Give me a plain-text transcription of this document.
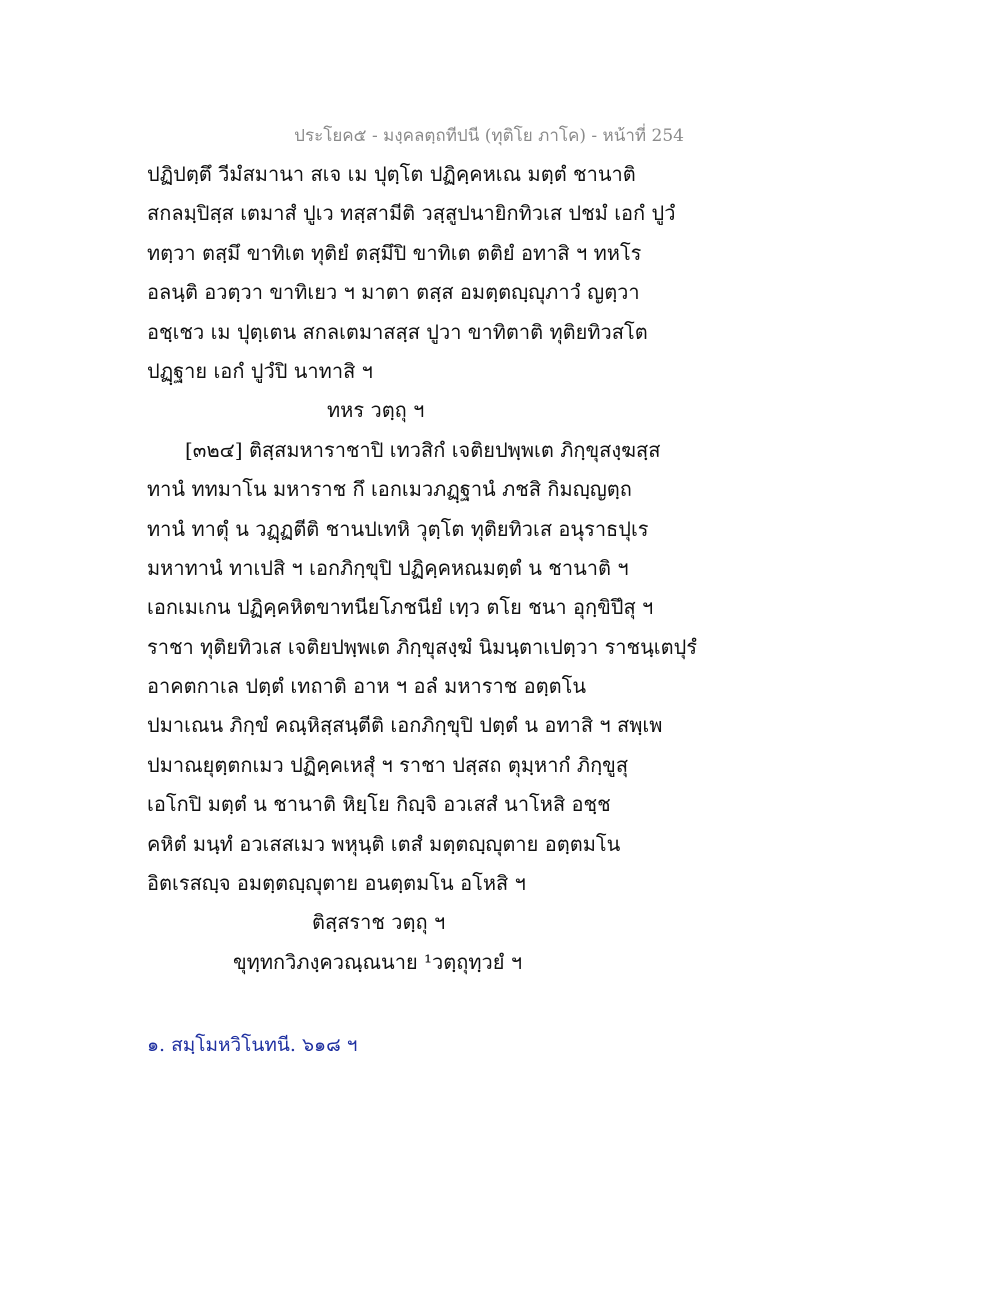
ประโยค๕ - มงฺคลตฺถทีปนี (ทุติโย ภาโค) - หน้าที่ 254
ปฏิปตฺตึ วีมํสมานา สเจ เม ปุตฺโต ปฏิคฺคหเณ มตฺตํ ชานาติ
สกลมฺปิสฺส เตมาสํ ปูเว ทสฺสามีติ วสฺสูปนายิกทิวเส ปชมํ เอกํ ปูวํ
ทตฺวา ตสฺมึ ขาทิเต ทุติยํ ตสฺมึปิ ขาทิเต ตติยํ อทาสิ ฯ ทหโร
อลนฺติ อวตฺวา ขาทิเยว ฯ มาตา ตสฺส อมตฺตญฺญุภาวํ ญตฺวา
อชฺเชว เม ปุตฺเตน สกลเตมาสสฺส ปูวา ขาทิตาติ ทุติยทิวสโต
ปฏฺฐาย เอกํ ปูวํปิ นาทาสิ ฯ
ทหร วตฺถุ ฯ
[๓๒๔] ติสฺสมหาราชาปิ เทวสิกํ เจติยปพฺพเต ภิกฺขุสงฺฆสฺส
ทานํ ททมาโน มหาราช กึ เอกเมวภฏฺฐานํ ภชสิ กิมญฺญตฺถ
ทานํ ทาตุํ น วฏฺฏตีติ ชานปเทหิ วุตฺโต ทุติยทิวเส อนุราธปุเร
มหาทานํ ทาเปสิ ฯ เอกภิกฺขุปิ ปฏิคฺคหณมตฺตํ น ชานาติ ฯ
เอกเมเกน ปฏิคฺคหิตขาทนียโภชนียํ เทฺว ตโย ชนา อุกฺขิปึสุ ฯ
ราชา ทุติยทิวเส เจติยปพฺพเต ภิกฺขุสงฺฆํ นิมนฺตาเปตฺวา ราชนฺเตปุรํ
อาคตกาเล ปตฺตํ เทถาติ อาห ฯ อลํ มหาราช อตฺตโน
ปมาเณน ภิกฺขํ คณฺหิสฺสนฺตีติ เอกภิกฺขุปิ ปตฺตํ น อทาสิ ฯ สพฺเพ
ปมาณยุตฺตกเมว ปฏิคฺคเหสุํ ฯ ราชา ปสฺสถ ตุมฺหากํ ภิกฺขูสุ
เอโกปิ มตฺตํ น ชานาติ หิยฺโย กิญฺจิ อวเสสํ นาโหสิ อชฺช
คหิตํ มนฺทํ อวเสสเมว พหุนฺติ เตสํ มตฺตญฺญุตาย อตฺตมโน
อิตเรสญฺจ อมตฺตญฺญุตาย อนตฺตมโน อโหสิ ฯ
ติสฺสราช วตฺถุ ฯ
ขุทฺทกวิภงฺควณฺณนาย ¹วตฺถุทฺวยํ ฯ
๑. สมฺโมหวิโนทนี. ๖๑๘ ฯ
